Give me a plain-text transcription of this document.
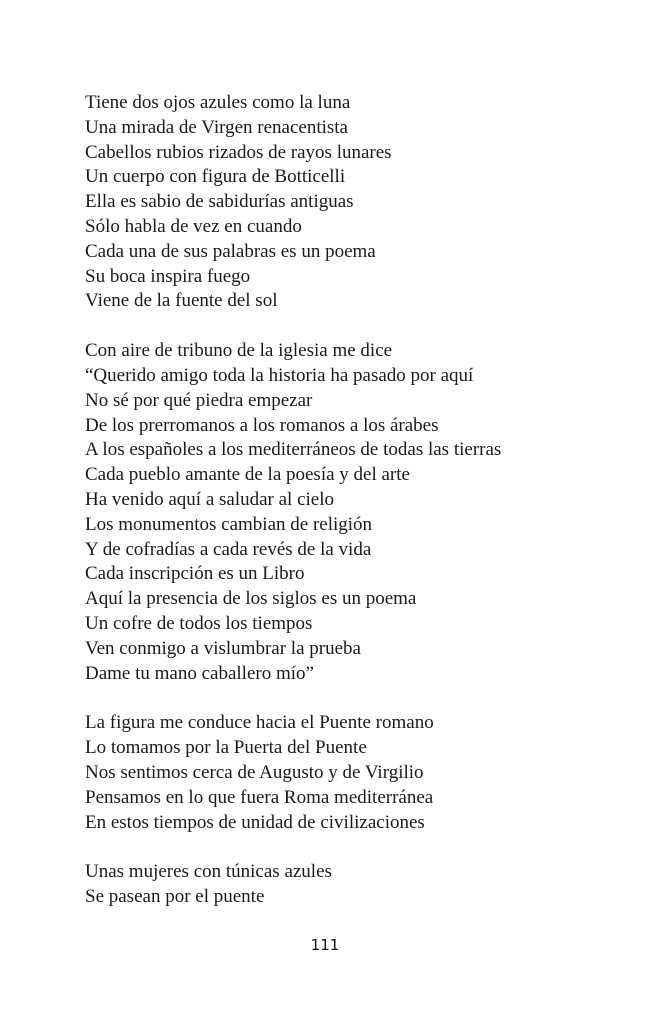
Tiene dos ojos azules como la luna
Una mirada de Virgen renacentista
Cabellos rubios rizados de rayos lunares
Un cuerpo con figura de Botticelli
Ella es sabio de sabidurías antiguas
Sólo habla de vez en cuando
Cada una de sus palabras es un poema
Su boca inspira fuego
Viene de la fuente del sol
Con aire de tribuno de la iglesia me dice
“Querido amigo toda la historia ha pasado por aquí
No sé por qué piedra empezar
De los prerromanos a los romanos a los árabes
A los españoles a los mediterráneos de todas las tierras
Cada pueblo amante de la poesía y del arte
Ha venido aquí a saludar al cielo
Los monumentos cambian de religión
Y de cofradías a cada revés de la vida
Cada inscripción es un Libro
Aquí la presencia de los siglos es un poema
Un cofre de todos los tiempos
Ven conmigo a vislumbrar la prueba
Dame tu mano caballero mío”
La figura me conduce hacia el Puente romano
Lo tomamos por la Puerta del Puente
Nos sentimos cerca de Augusto y de Virgilio
Pensamos en lo que fuera Roma mediterránea
En estos tiempos de unidad de civilizaciones
Unas mujeres con túnicas azules
Se pasean por el puente
111
